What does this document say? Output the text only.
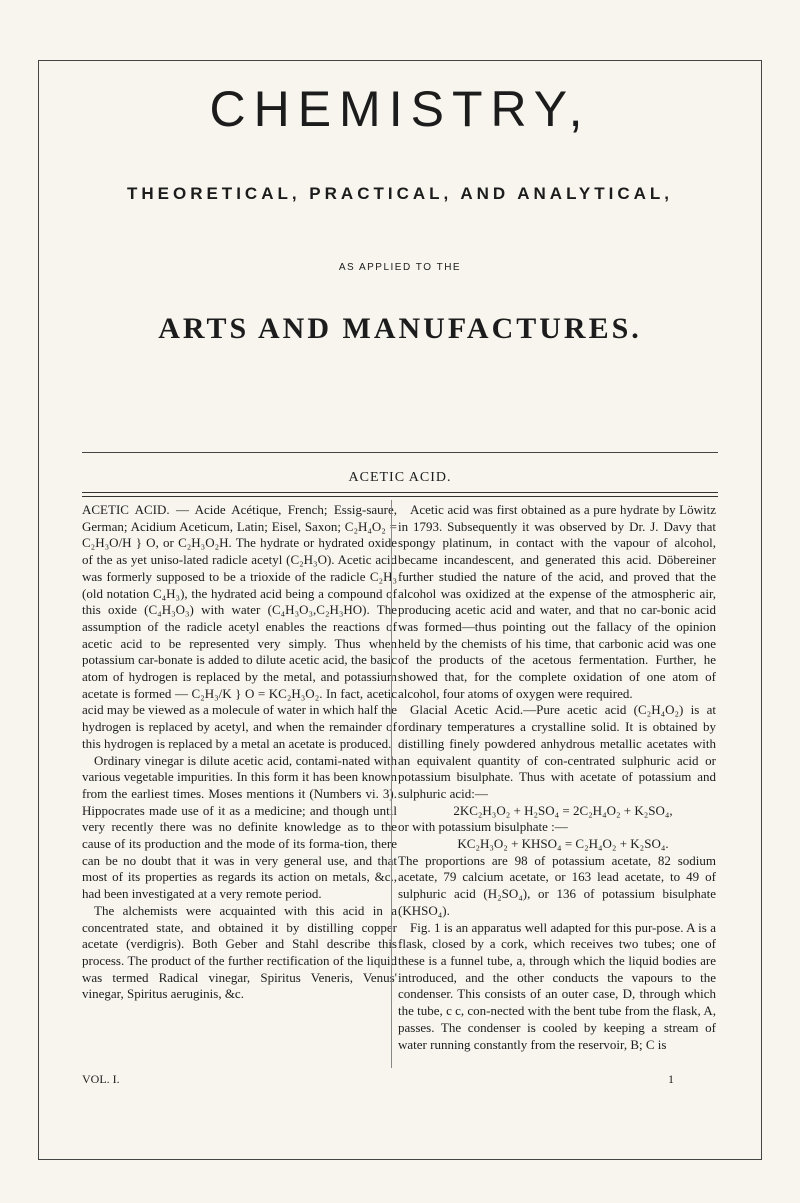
CHEMISTRY,
THEORETICAL, PRACTICAL, AND ANALYTICAL,
AS APPLIED TO THE
ARTS AND MANUFACTURES.
ACETIC ACID.

ACETIC ACID. — Acide Acétique, French; Essig-saure, German; Acidium Aceticum, Latin; Eisel, Saxon; C₂H₄O₂ = C₂H₃O/H } O, or C₂H₃O₂H. The hydrate or hydrated oxide of the as yet uniso-lated radicle acetyl (C₂H₃O). Acetic acid was formerly supposed to be a trioxide of the radicle C₂H₃ (old notation C₄H₃), the hydrated acid being a compound of this oxide (C₄H₃O₃) with water (C₄H₃O₃,C₂H₃HO). The assumption of the radicle acetyl enables the reactions of acetic acid to be represented very simply. Thus when potassium car-bonate is added to dilute acetic acid, the basic atom of hydrogen is replaced by the metal, and potassium acetate is formed — C₂H₃/K } O = KC₂H₃O₂. In fact, acetic acid may be viewed as a molecule of water in which half the hydrogen is replaced by acetyl, and when the remainder of this hydrogen is replaced by a metal an acetate is produced.

Ordinary vinegar is dilute acetic acid, contami-nated with various vegetable impurities. In this form it has been known from the earliest times. Moses mentions it (Numbers vi. 3). Hippocrates made use of it as a medicine; and though until very recently there was no definite knowledge as to the cause of its production and the mode of its forma-tion, there can be no doubt that it was in very general use, and that most of its properties as regards its action on metals, &c., had been investigated at a very remote period.

The alchemists were acquainted with this acid in a concentrated state, and obtained it by distilling copper acetate (verdigris). Both Geber and Stahl describe this process. The product of the further rectification of the liquid was termed Radical vinegar, Spiritus Veneris, Venus' vinegar, Spiritus aeruginis, &c.

Acetic acid was first obtained as a pure hydrate by Löwitz in 1793. Subsequently it was observed by Dr. J. Davy that spongy platinum, in contact with the vapour of alcohol, became incandescent, and generated this acid. Döbereiner further studied the nature of the acid, and proved that the alcohol was oxidized at the expense of the atmospheric air, producing acetic acid and water, and that no car-bonic acid was formed—thus pointing out the fallacy of the opinion held by the chemists of his time, that carbonic acid was one of the products of the acetous fermentation. Further, he showed that, for the complete oxidation of one atom of alcohol, four atoms of oxygen were required.

Glacial Acetic Acid.—Pure acetic acid (C₂H₄O₂) is at ordinary temperatures a crystalline solid. It is obtained by distilling finely powdered anhydrous metallic acetates with an equivalent quantity of con-centrated sulphuric acid or potassium bisulphate. Thus with acetate of potassium and sulphuric acid:—

2KC₂H₃O₂ + H₂SO₄ = 2C₂H₄O₂ + K₂SO₄,

or with potassium bisulphate :—

KC₂H₃O₂ + KHSO₄ = C₂H₄O₂ + K₂SO₄.

The proportions are 98 of potassium acetate, 82 sodium acetate, 79 calcium acetate, or 163 lead acetate, to 49 of sulphuric acid (H₂SO₄), or 136 of potassium bisulphate (KHSO₄).

Fig. 1 is an apparatus well adapted for this pur-pose. A is a flask, closed by a cork, which receives two tubes; one of these is a funnel tube, a, through which the liquid bodies are introduced, and the other conducts the vapours to the condenser. This consists of an outer case, D, through which the tube, c c, con-nected with the bent tube from the flask, A, passes. The condenser is cooled by keeping a stream of water running constantly from the reservoir, B; C is

VOL. I.	1
